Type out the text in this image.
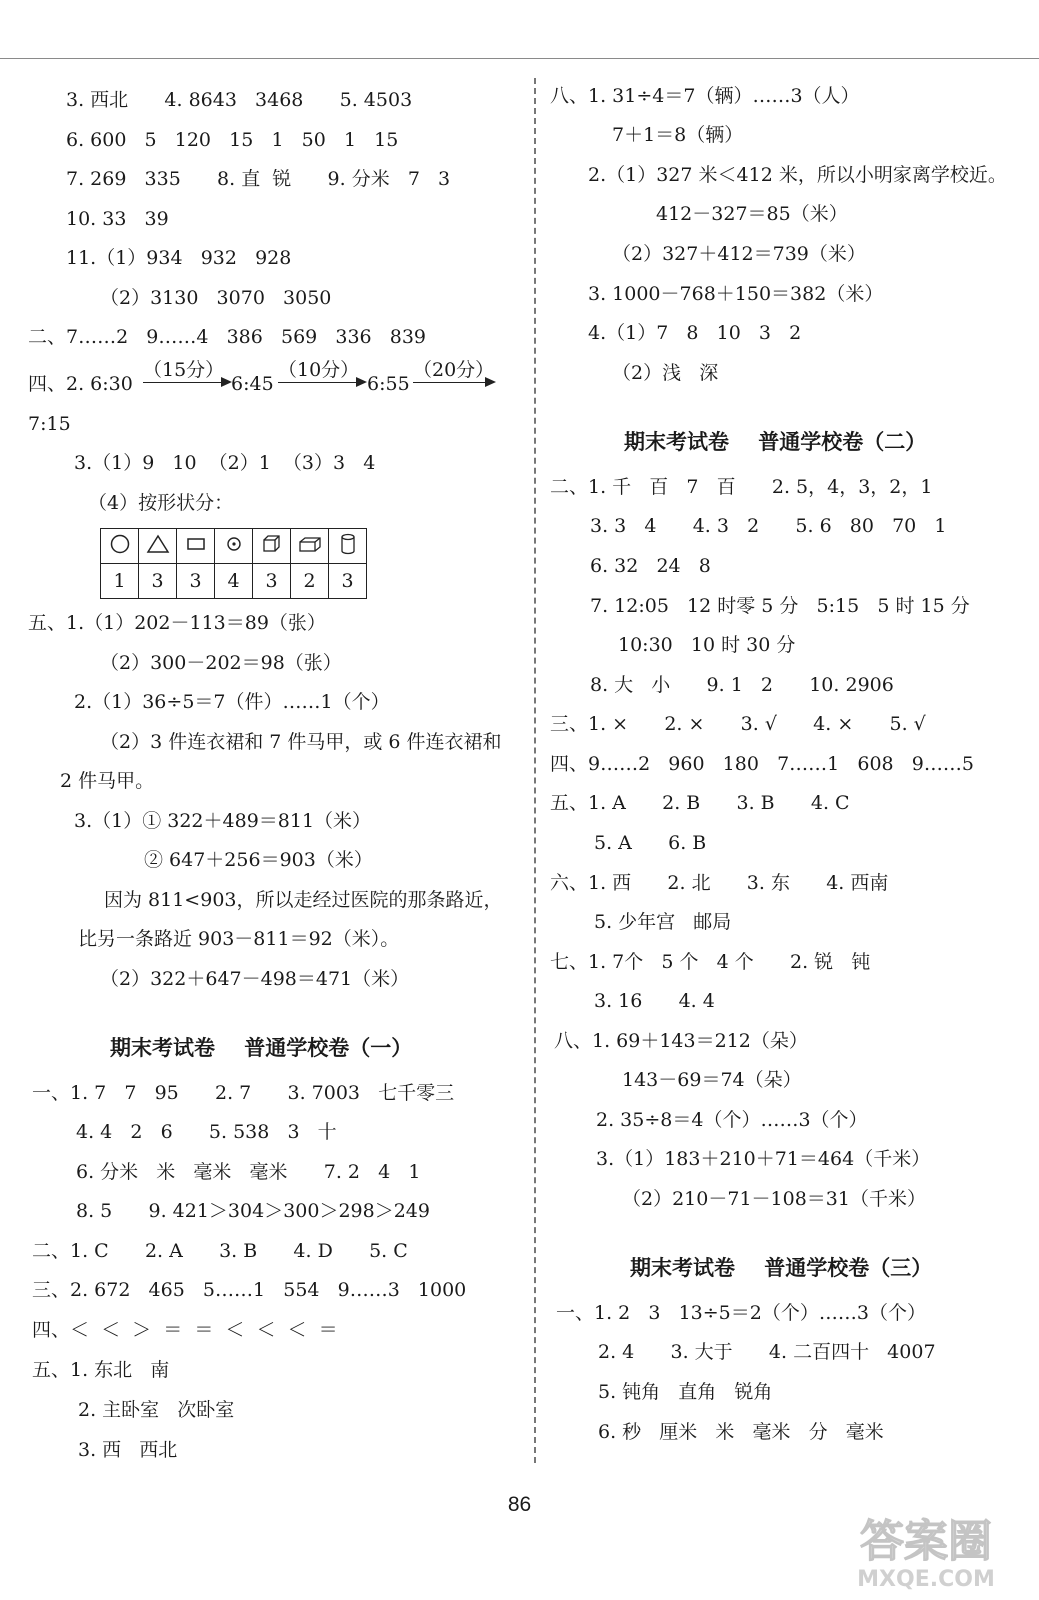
3. 西北      4. 8643   3468      5. 4503
6. 600   5   120   15   1   50   1   15
7. 269   335      8. 直  锐      9. 分米   7   3
10. 33   39
11.（1）934   932   928
（2）3130   3070   3050
二、7……2   9……4   386   569   336   839
四、2. 6:30
（15分）
6:45
（10分）
6:55
（20分）
7:15
3.（1）9   10  （2）1  （3）3   4
（4）按形状分：

1	3	3	4	3	2	3
五、1.（1）202－113＝89（张）
（2）300－202＝98（张）
2.（1）36÷5＝7（件）……1（个）
（2）3 件连衣裙和 7 件马甲，或 6 件连衣裙和
2 件马甲。
3.（1）① 322＋489＝811（米）
② 647＋256＝903（米）
因为 811<903，所以走经过医院的那条路近，
比另一条路近 903－811＝92（米）。
（2）322＋647－498＝471（米）
期末考试卷    普通学校卷（一）
一、1. 7   7   95      2. 7      3. 7003   七千零三
4. 4   2   6      5. 538   3   十
6. 分米   米   毫米   毫米      7. 2   4   1
8. 5      9. 421＞304＞300＞298＞249
二、1. C      2. A      3. B      4. D      5. C
三、2. 672   465   5……1   554   9……3   1000
四、＜  ＜  ＞  ＝  ＝  ＜  ＜  ＜  ＝
五、1. 东北   南
2. 主卧室   次卧室
3. 西   西北
八、1. 31÷4＝7（辆）……3（人）
7＋1＝8（辆）
2.（1）327 米＜412 米，所以小明家离学校近。
412－327＝85（米）
（2）327＋412＝739（米）
3. 1000－768＋150＝382（米）
4.（1）7   8   10   3   2
（2）浅   深
期末考试卷    普通学校卷（二）
二、1. 千   百   7   百      2. 5，4，3，2，1
3. 3   4      4. 3   2      5. 6   80   70   1
6. 32   24   8
7. 12:05   12 时零 5 分   5:15   5 时 15 分
10:30   10 时 30 分
8. 大   小      9. 1   2      10. 2906
三、1. ×      2. ×      3. √      4. ×      5. √
四、9……2   960   180   7……1   608   9……5
五、1. A      2. B      3. B      4. C
5. A      6. B
六、1. 西      2. 北      3. 东      4. 西南
5. 少年宫   邮局
七、1. 7个   5 个   4 个      2. 锐   钝
3. 16      4. 4
八、1. 69＋143＝212（朵）
143－69＝74（朵）
2. 35÷8＝4（个）……3（个）
3.（1）183＋210＋71＝464（千米）
（2）210－71－108＝31（千米）
期末考试卷    普通学校卷（三）
一、1. 2   3   13÷5＝2（个）……3（个）
2. 4      3. 大于      4. 二百四十   4007
5. 钝角   直角   锐角
6. 秒   厘米   米   毫米   分   毫米
86
答案圈
MXQE.COM
